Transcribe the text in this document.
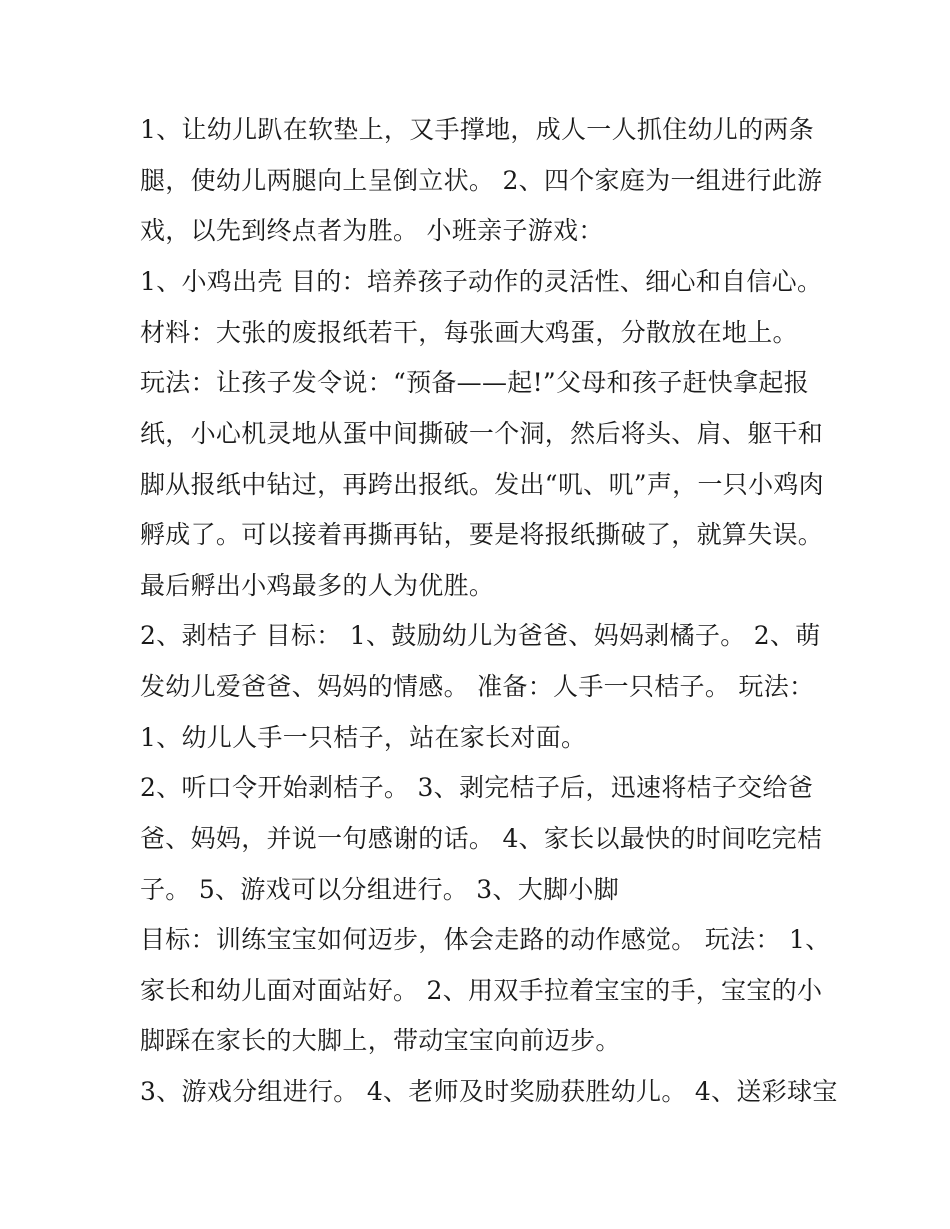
1、让幼儿趴在软垫上，又手撑地，成人一人抓住幼儿的两条
腿，使幼儿两腿向上呈倒立状。 2、四个家庭为一组进行此游
戏，以先到终点者为胜。 小班亲子游戏：
1、小鸡出壳 目的：培养孩子动作的灵活性、细心和自信心。
材料：大张的废报纸若干，每张画大鸡蛋，分散放在地上。
玩法：让孩子发令说：“预备——起!”父母和孩子赶快拿起报
纸，小心机灵地从蛋中间撕破一个洞，然后将头、肩、躯干和
脚从报纸中钻过，再跨出报纸。发出“叽、叽”声，一只小鸡肉
孵成了。可以接着再撕再钻，要是将报纸撕破了，就算失误。
最后孵出小鸡最多的人为优胜。
2、剥桔子 目标： 1、鼓励幼儿为爸爸、妈妈剥橘子。 2、萌
发幼儿爱爸爸、妈妈的情感。 准备：人手一只桔子。 玩法：
1、幼儿人手一只桔子，站在家长对面。
2、听口令开始剥桔子。 3、剥完桔子后，迅速将桔子交给爸
爸、妈妈，并说一句感谢的话。 4、家长以最快的时间吃完桔
子。 5、游戏可以分组进行。 3、大脚小脚
目标：训练宝宝如何迈步，体会走路的动作感觉。 玩法： 1、
家长和幼儿面对面站好。 2、用双手拉着宝宝的手，宝宝的小
脚踩在家长的大脚上，带动宝宝向前迈步。
3、游戏分组进行。 4、老师及时奖励获胜幼儿。 4、送彩球宝
